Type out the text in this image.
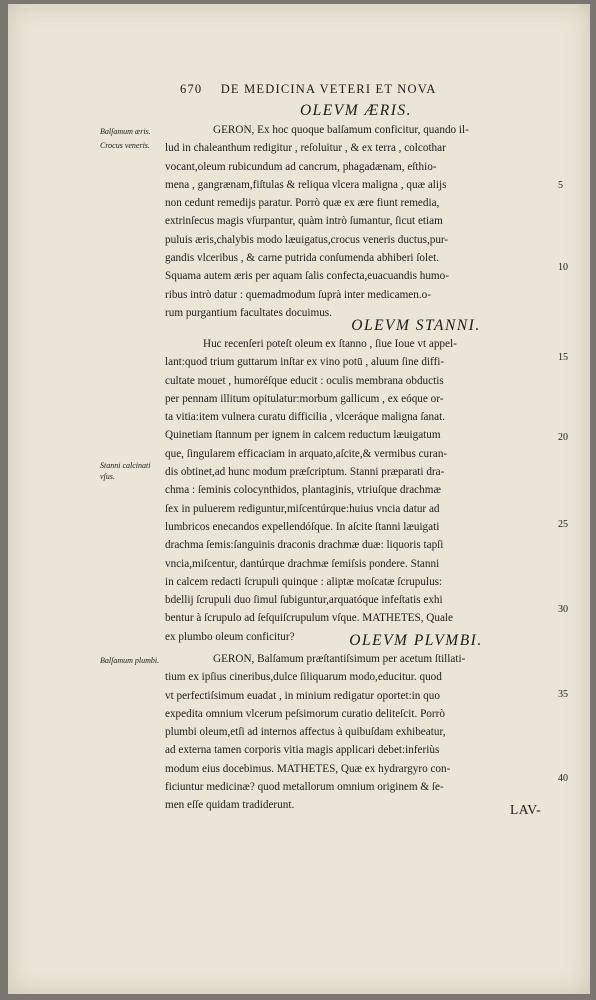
670 DE MEDICINA VETERI ET NOVA
OLEVM ÆRIS.
GERON, Ex hoc quoque balſamum conficitur, quando il-
lud in chaleanthum redigitur , reſoluitur , & ex terra , colcothar
vocant,oleum rubicundum ad cancrum, phagadænam, eſthio-
mena , gangrænam,fiſtulas & reliqua vlcera maligna , quæ alijs
non cedunt remedijs paratur. Porrò quæ ex ære fiunt remedia,
extrinſecus magis vſurpantur, quàm intrò ſumantur, ſicut etiam
puluis æris,chalybis modo læuigatus,crocus veneris ductus,pur-
gandis vlceribus , & carne putrida conſumenda abhiberi ſolet.
Squama autem æris per aquam ſalis confecta,euacuandis humo-
ribus intrò datur : quemadmodum ſuprà inter medicamen.o-
rum purgantium facultates docuimus.
OLEVM STANNI.
Huc recenſeri poteſt oleum ex ſtanno , ſiue Ioue vt appel-
lant:quod trium guttarum inſtar ex vino potū , aluum ſine diffi-
cultate mouet , humoréſque educit : oculis membrana obductis
per pennam illitum opitulatur:morbum gallicum , ex eóque or-
ta vitia:item vulnera curatu difficilia , vlceráque maligna ſanat.
Quinetiam ſtannum per ignem in calcem reductum læuigatum
que, ſingularem efficaciam in arquato,aſcite,& vermibus curan-
dis obtinet,ad hunc modum præſcriptum. Stanni præparati dra-
chma : ſeminis colocynthidos, plantaginis, vtriuſque drachmæ
ſex in puluerem rediguntur,miſcentúrque:huius vncia datur ad
lumbricos enecandos expellendóſque. In aſcite ſtanni læuigati
drachma ſemis:ſanguinis draconis drachmæ duæ: liquoris tapſi
vncia,miſcentur, dantúrque drachmæ ſemiſsis pondere. Stanni
in calcem redacti ſcrupuli quinque : aliptæ moſcatæ ſcrupulus:
bdellij ſcrupuli duo ſimul ſubiguntur,arquatóque infeſtatis exhi
bentur à ſcrupulo ad ſeſquiſcrupulum vſque. MATHETES, Quale
ex plumbo oleum conficitur?	OLEVM PLVMBI.
GERON, Balſamum præſtantiſsimum per acetum ſtillati-
tium ex ipſius cineribus,dulce ſiliquarum modo,educitur. quod
vt perfectiſsimum euadat , in minium redigatur oportet:in quo
expedita omnium vlcerum peſsimorum curatio deliteſcit. Porrò
plumbi oleum,etſi ad internos affectus à quibuſdam exhibeatur,
ad externa tamen corporis vitia magis applicari debet:inferiùs
modum eius docebimus. MATHETES, Quæ ex hydrargyro con-
ficiuntur medicinæ? quod metallorum omnium originem & ſe-
men eſſe quidam tradiderunt.
Balſamum æris.
Crocus veneris.
Stanni calcinati vſus.
Balſamum plumbi.
5
10
15
20
25
30
35
40
LAV-
